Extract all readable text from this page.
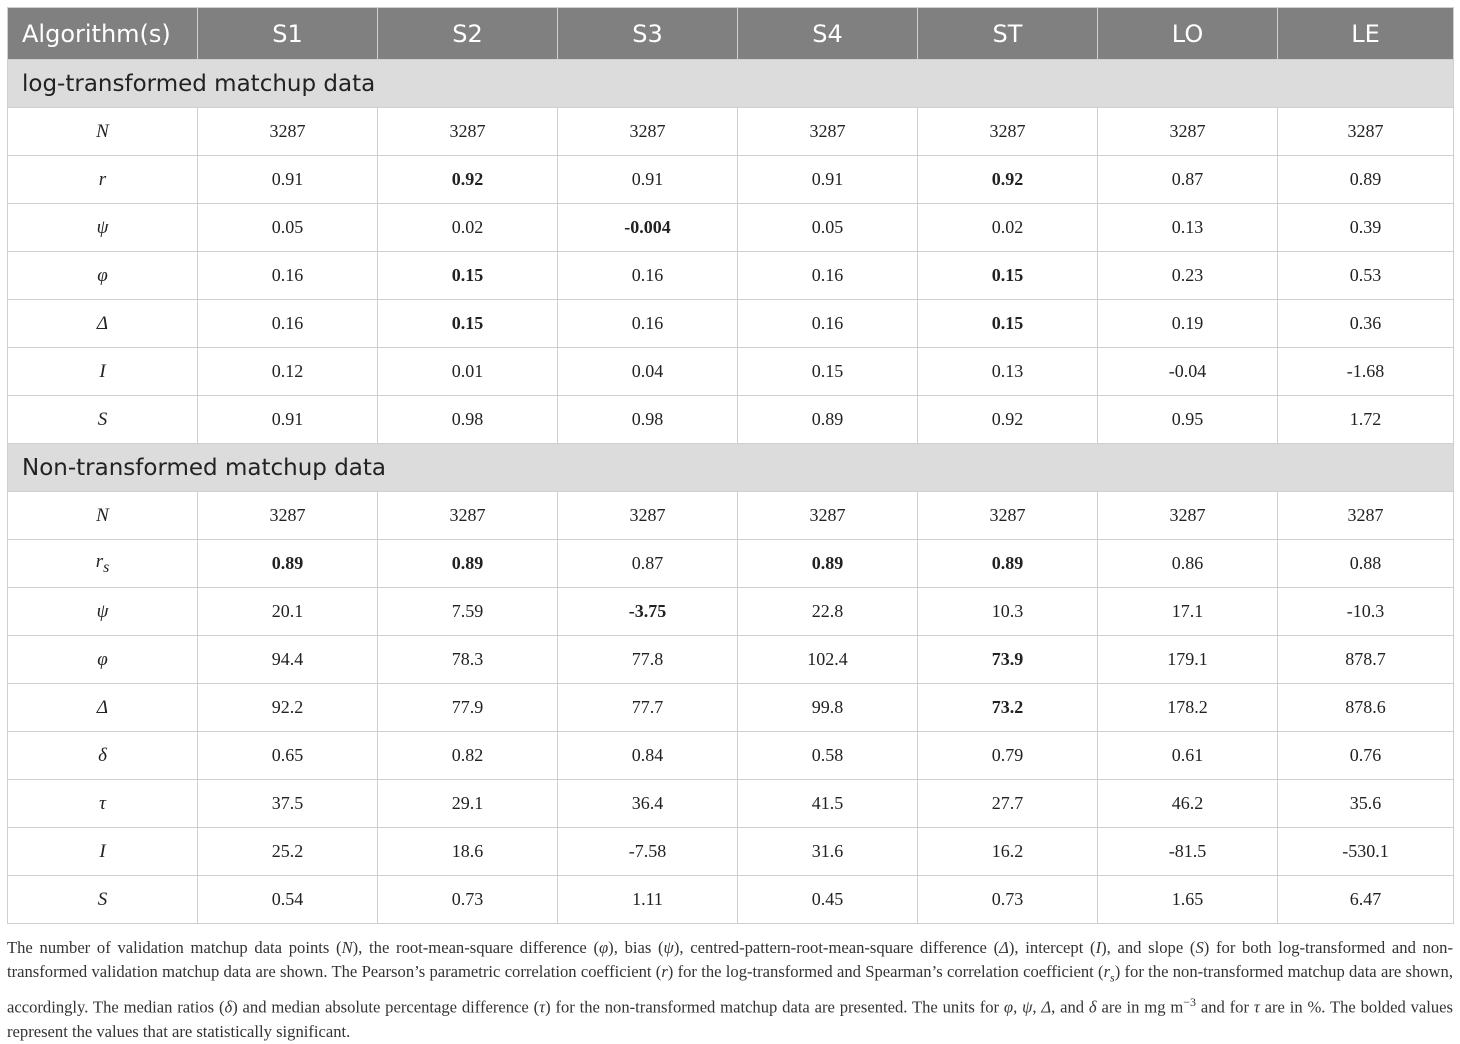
Algorithm(s)	S1	S2	S3	S4	ST	LO	LE
log-transformed matchup data							
N	3287	3287	3287	3287	3287	3287	3287
r	0.91	0.92	0.91	0.91	0.92	0.87	0.89
ψ	0.05	0.02	-0.004	0.05	0.02	0.13	0.39
φ	0.16	0.15	0.16	0.16	0.15	0.23	0.53
Δ	0.16	0.15	0.16	0.16	0.15	0.19	0.36
I	0.12	0.01	0.04	0.15	0.13	-0.04	-1.68
S	0.91	0.98	0.98	0.89	0.92	0.95	1.72
Non-transformed matchup data							
N	3287	3287	3287	3287	3287	3287	3287
$r_s$	0.89	0.89	0.87	0.89	0.89	0.86	0.88
ψ	20.1	7.59	-3.75	22.8	10.3	17.1	-10.3
φ	94.4	78.3	77.8	102.4	73.9	179.1	878.7
Δ	92.2	77.9	77.7	99.8	73.2	178.2	878.6
δ	0.65	0.82	0.84	0.58	0.79	0.61	0.76
τ	37.5	29.1	36.4	41.5	27.7	46.2	35.6
I	25.2	18.6	-7.58	31.6	16.2	-81.5	-530.1
S	0.54	0.73	1.11	0.45	0.73	1.65	6.47

The number of validation matchup data points (N), the root-mean-square difference (φ), bias (ψ), centred-pattern-root-mean-square difference (Δ), intercept (I), and slope (S) for both log-transformed and non-transformed validation matchup data are shown. The Pearson’s parametric correlation coefficient (r) for the log-transformed and Spearman’s correlation coefficient $(r_s)$ for the non-transformed matchup data are shown, accordingly. The median ratios (δ) and median absolute percentage difference (τ) for the non-transformed matchup data are presented. The units for φ, ψ, Δ, and δ are in mg $m^{-3}$ and for τ are in %. The bolded values represent the values that are statistically significant.
